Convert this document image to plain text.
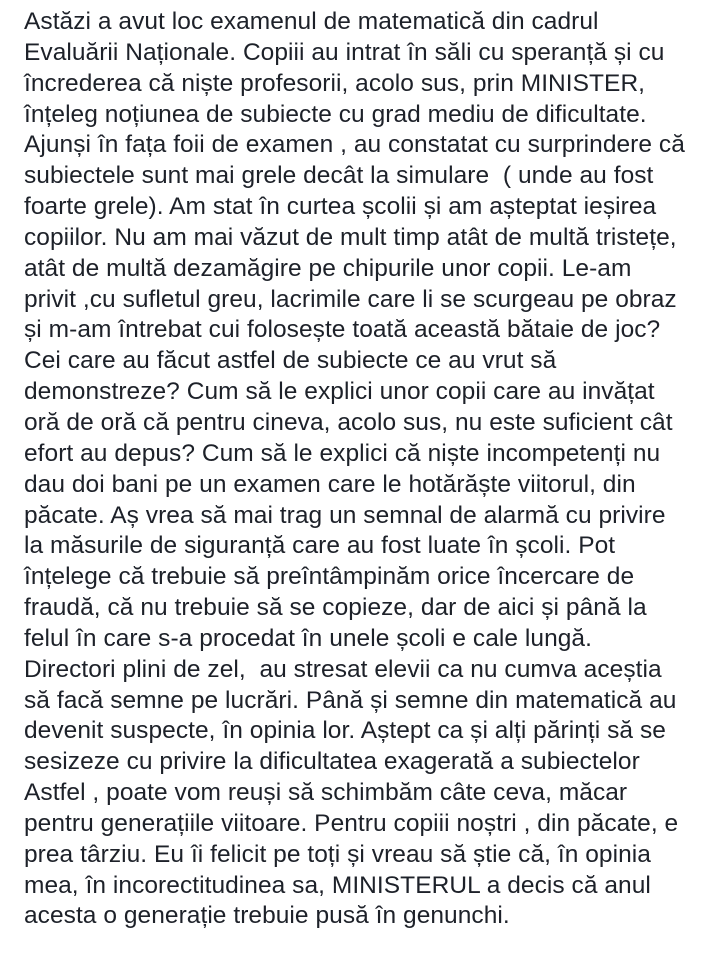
Astăzi a avut loc examenul de matematică din cadrul
Evaluării Naționale. Copiii au intrat în săli cu speranță și cu
încrederea că niște profesorii, acolo sus, prin MINISTER,
înțeleg noțiunea de subiecte cu grad mediu de dificultate.
Ajunși în fața foii de examen , au constatat cu surprindere că
subiectele sunt mai grele decât la simulare  ( unde au fost
foarte grele). Am stat în curtea școlii și am așteptat ieșirea
copiilor. Nu am mai văzut de mult timp atât de multă tristețe,
atât de multă dezamăgire pe chipurile unor copii. Le-am
privit ,cu sufletul greu, lacrimile care li se scurgeau pe obraz
și m-am întrebat cui folosește toată această bătaie de joc?
Cei care au făcut astfel de subiecte ce au vrut să
demonstreze? Cum să le explici unor copii care au invățat
oră de oră că pentru cineva, acolo sus, nu este suficient cât
efort au depus? Cum să le explici că niște incompetenți nu
dau doi bani pe un examen care le hotărăște viitorul, din
păcate. Aș vrea să mai trag un semnal de alarmă cu privire
la măsurile de siguranță care au fost luate în școli. Pot
înțelege că trebuie să preîntâmpinăm orice încercare de
fraudă, că nu trebuie să se copieze, dar de aici și până la
felul în care s-a procedat în unele școli e cale lungă.
Directori plini de zel,  au stresat elevii ca nu cumva aceștia
să facă semne pe lucrări. Până și semne din matematică au
devenit suspecte, în opinia lor. Aștept ca și alți părinți să se
sesizeze cu privire la dificultatea exagerată a subiectelor
Astfel , poate vom reuși să schimbăm câte ceva, măcar
pentru generațiile viitoare. Pentru copiii noștri , din păcate, e
prea târziu. Eu îi felicit pe toți și vreau să știe că, în opinia
mea, în incorectitudinea sa, MINISTERUL a decis că anul
acesta o generație trebuie pusă în genunchi.
